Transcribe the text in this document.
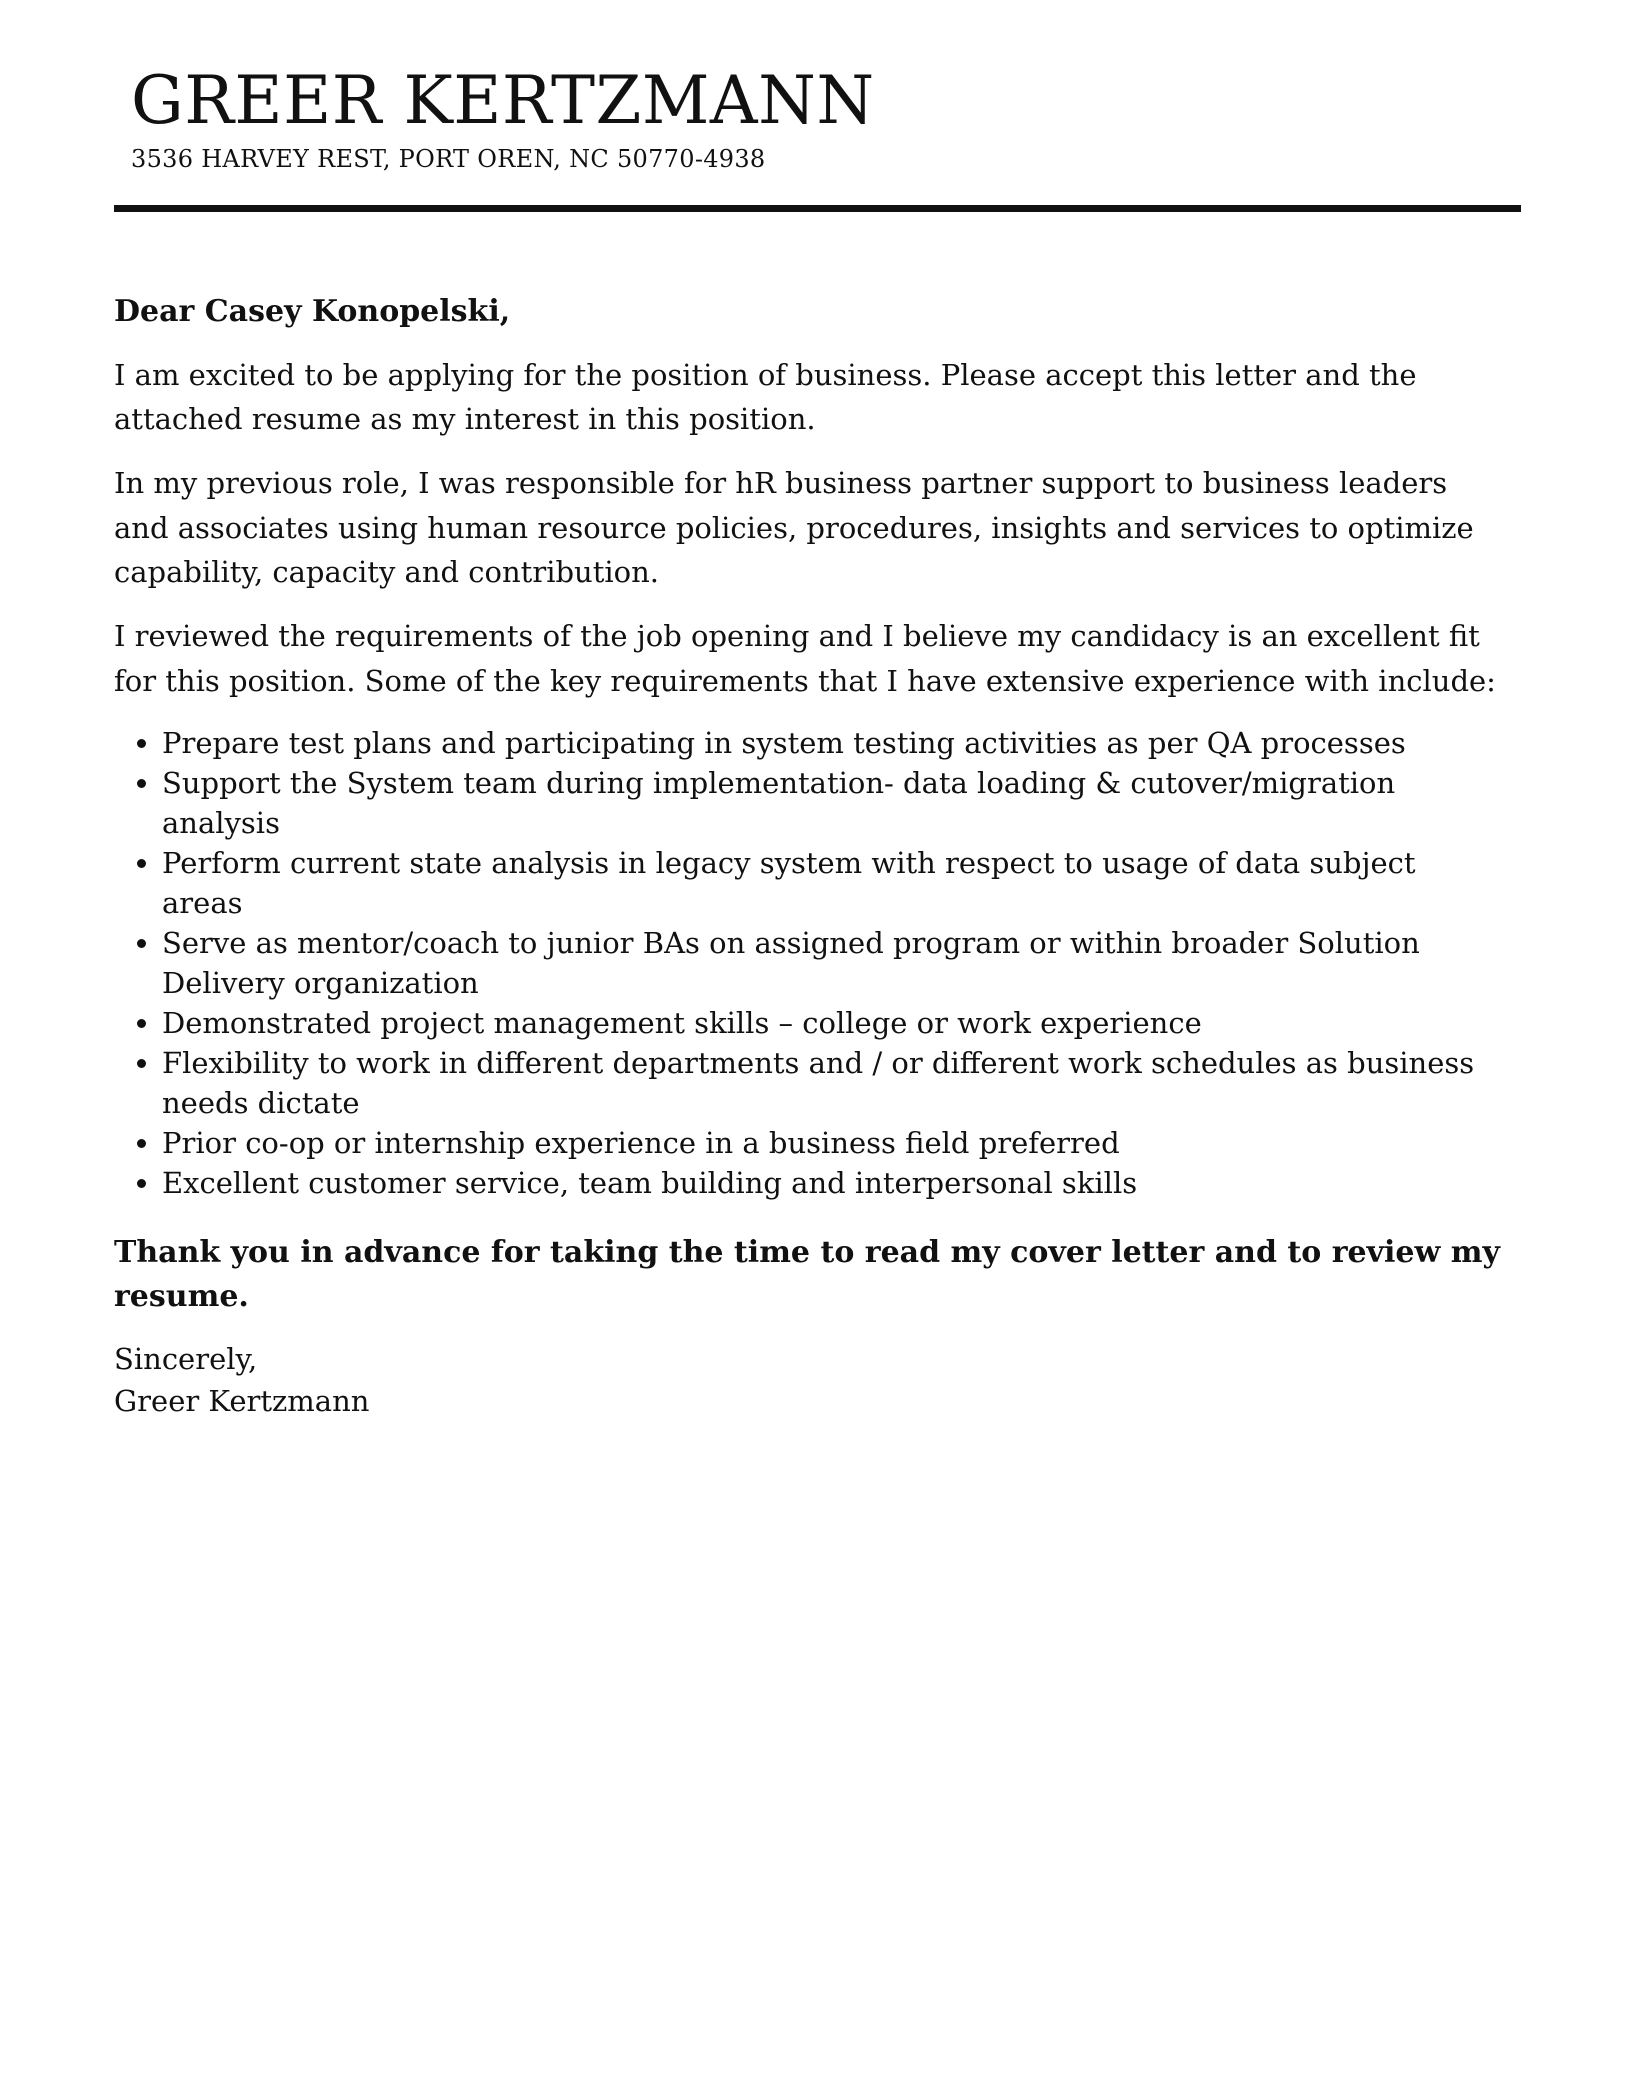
GREER KERTZMANN
3536 HARVEY REST, PORT OREN, NC 50770-4938

Dear Casey Konopelski,

I am excited to be applying for the position of business. Please accept this letter and the attached resume as my interest in this position.

In my previous role, I was responsible for hR business partner support to business leaders and associates using human resource policies, procedures, insights and services to optimize capability, capacity and contribution.

I reviewed the requirements of the job opening and I believe my candidacy is an excellent fit for this position. Some of the key requirements that I have extensive experience with include:

• Prepare test plans and participating in system testing activities as per QA processes
• Support the System team during implementation- data loading & cutover/migration analysis
• Perform current state analysis in legacy system with respect to usage of data subject areas
• Serve as mentor/coach to junior BAs on assigned program or within broader Solution Delivery organization
• Demonstrated project management skills – college or work experience
• Flexibility to work in different departments and / or different work schedules as business needs dictate
• Prior co-op or internship experience in a business field preferred
• Excellent customer service, team building and interpersonal skills

Thank you in advance for taking the time to read my cover letter and to review my resume.

Sincerely,
Greer Kertzmann
